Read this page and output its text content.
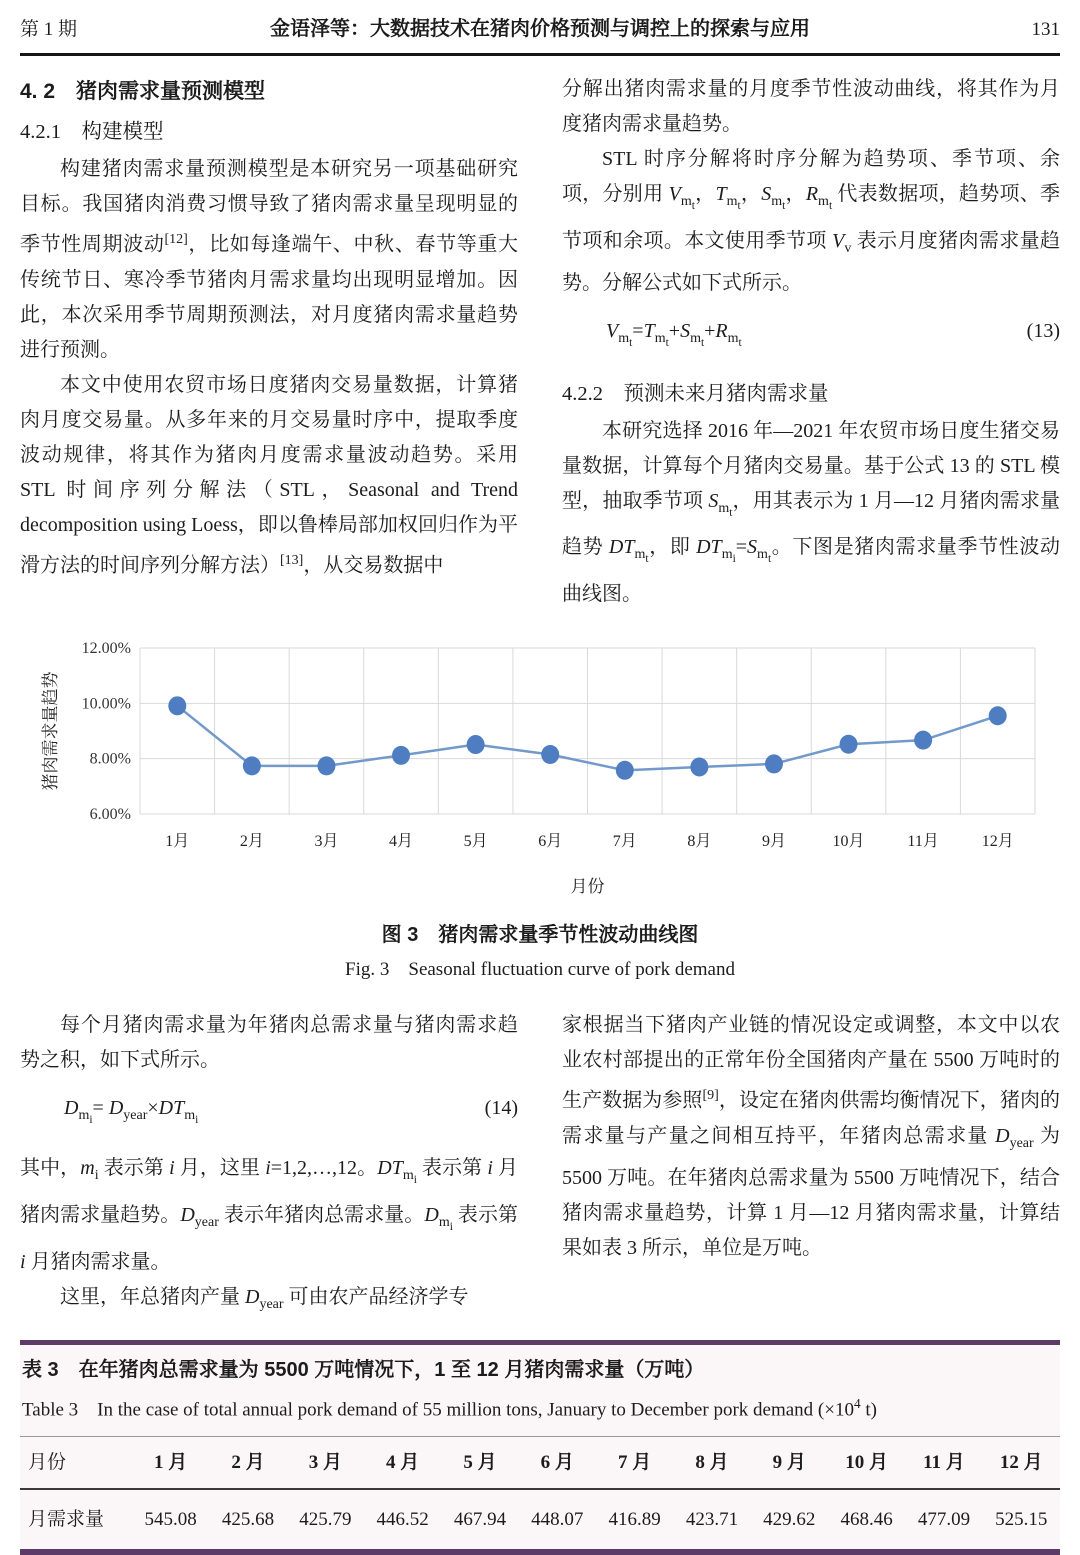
第 1 期	金语泽等：大数据技术在猪肉价格预测与调控上的探索与应用	131
4. 2　猪肉需求量预测模型
4.2.1　构建模型

构建猪肉需求量预测模型是本研究另一项基础研究目标。我国猪肉消费习惯导致了猪肉需求量呈现明显的季节性周期波动[12]，比如每逢端午、中秋、春节等重大传统节日、寒冷季节猪肉月需求量均出现明显增加。因此，本次采用季节周期预测法，对月度猪肉需求量趋势进行预测。

本文中使用农贸市场日度猪肉交易量数据，计算猪肉月度交易量。从多年来的月交易量时序中，提取季度波动规律，将其作为猪肉月度需求量波动趋势。采用 STL 时间序列分解法（STL，Seasonal and Trend decomposition using Loess，即以鲁棒局部加权回归作为平滑方法的时间序列分解方法）[13]，从交易数据中

分解出猪肉需求量的月度季节性波动曲线，将其作为月度猪肉需求量趋势。

STL 时序分解将时序分解为趋势项、季节项、余项，分别用 $V_{m_t}$，$T_{m_t}$，$S_{m_t}$，$R_{m_t}$ 代表数据项，趋势项、季节项和余项。本文使用季节项 $V_v$ 表示月度猪肉需求量趋势。分解公式如下式所示。

$V_{m_t}=T_{m_t}+S_{m_t}+R_{m_t}$
(13)
4.2.2　预测未来月猪肉需求量

本研究选择 2016 年—2021 年农贸市场日度生猪交易量数据，计算每个月猪肉交易量。基于公式 13 的 STL 模型，抽取季节项 $S_{m_t}$，用其表示为 1 月—12 月猪肉需求量趋势 $DT_{m_t}$，即 $DT_{m_i}=S_{m_t}$。下图是猪肉需求量季节性波动曲线图。

12.00%
10.00%
8.00%
6.00%
1月	2月	3月	4月	5月	6月	7月	8月	9月	10月	11月	12月
月份
猪肉需求量趋势
图 3　猪肉需求量季节性波动曲线图
Fig. 3　Seasonal fluctuation curve of pork demand

每个月猪肉需求量为年猪肉总需求量与猪肉需求趋势之积，如下式所示。

$D_{m_i}= D_{year}\times DT_{m_i}$
(14)

其中，$m_i$ 表示第 i 月，这里 i=1,2,…,12。$DT_{m_i}$ 表示第 i 月猪肉需求量趋势。$D_{year}$ 表示年猪肉总需求量。$D_{m_i}$ 表示第 i 月猪肉需求量。

这里，年总猪肉产量 $D_{year}$ 可由农产品经济学专

家根据当下猪肉产业链的情况设定或调整，本文中以农业农村部提出的正常年份全国猪肉产量在 5500 万吨时的生产数据为参照[9]，设定在猪肉供需均衡情况下，猪肉的需求量与产量之间相互持平，年猪肉总需求量 $D_{year}$ 为 5500 万吨。在年猪肉总需求量为 5500 万吨情况下，结合猪肉需求量趋势，计算 1 月—12 月猪肉需求量，计算结果如表 3 所示，单位是万吨。

表 3　在年猪肉总需求量为 5500 万吨情况下，1 至 12 月猪肉需求量（万吨）
Table 3　In the case of total annual pork demand of 55 million tons, January to December pork demand ($\times 10^4$ t)
月份	1 月	2 月	3 月	4 月	5 月	6 月	7 月	8 月	9 月	10 月	11 月	12 月
月需求量	545.08	425.68	425.79	446.52	467.94	448.07	416.89	423.71	429.62	468.46	477.09	525.15
